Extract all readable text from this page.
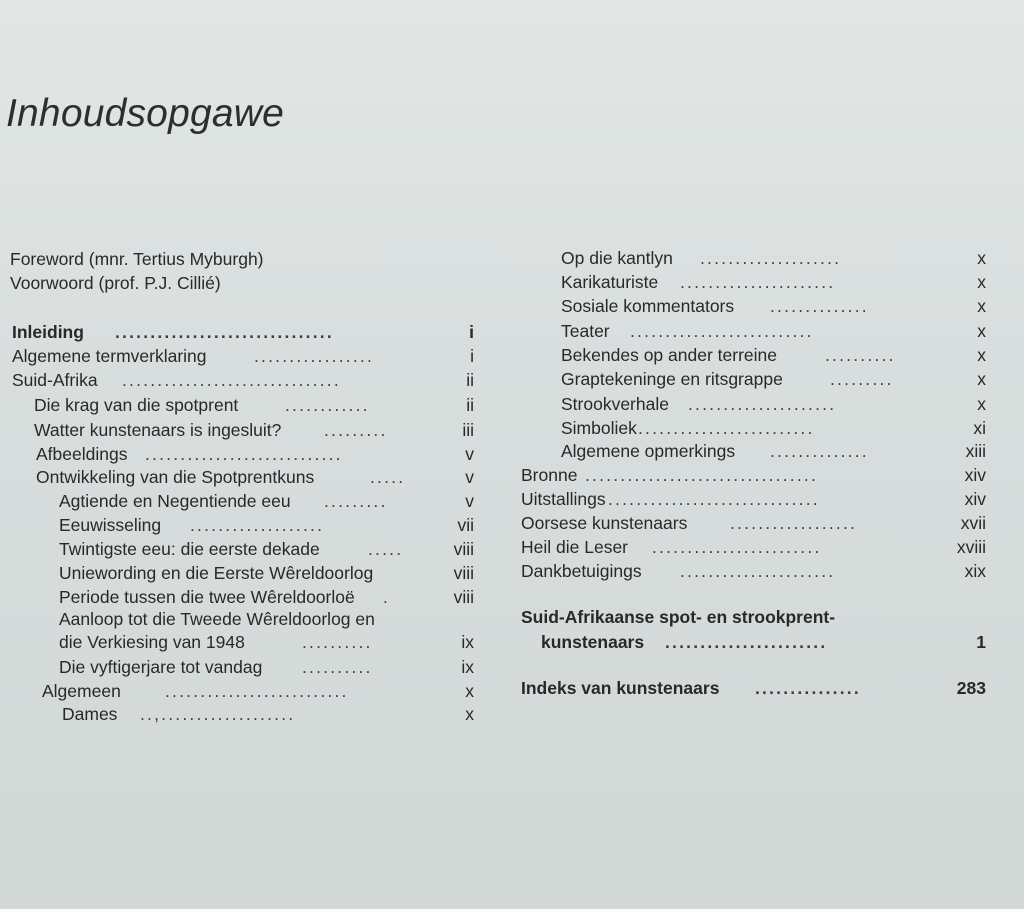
Inhoudsopgawe
Foreword (mnr. Tertius Myburgh)
Voorwoord (prof. P.J. Cillié)
Inleiding ...............................	i
Algemene termverklaring	.................	i
Suid-Afrika ...............................	ii
Die krag van die spotprent	............	ii
Watter kunstenaars is ingesluit? .........	iii
Afbeeldings ............................	v
Ontwikkeling van die Spotprentkuns	.....	v
Agtiende en Negentiende eeu .........	v
Eeuwisseling ...................	vii
Twintigste eeu: die eerste dekade	.....	viii
Uniewording en die Eerste Wêreldoorlog	viii
Periode tussen die twee Wêreldoorloë .	viii
Aanloop tot die Tweede Wêreldoorlog en
die Verkiesing van 1948	..........	ix
Die vyftigerjare tot vandag ..........	ix
Algemeen	..........................	x
Dames ..,...................	x
Op die kantlyn ....................	x
Karikaturiste ......................	x
Sosiale kommentators ..............	x
Teater ..........................	x
Bekendes op ander terreine	..........	x
Graptekeninge en ritsgrappe	.........	x
Strookverhale .....................	x
Simboliek .........................	xi
Algemene opmerkings ..............	xiii
Bronne .................................	xiv
Uitstallings ..............................	xiv
Oorsese kunstenaars ..................	xvii
Heil die Leser ........................	xviii
Dankbetuigings ......................	xix
Suid-Afrikaanse spot- en strookprent-
kunstenaars .......................	1
Indeks van kunstenaars ...............	283
